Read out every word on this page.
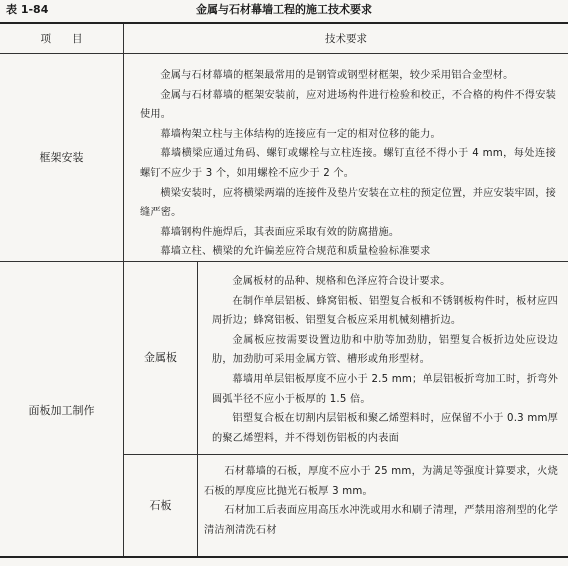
表 1-84	金属与石材幕墙工程的施工技术要求
项　　目	技术要求
框架安装

金属与石材幕墙的框架最常用的是钢管或钢型材框架，较少采用铝合金型材。

金属与石材幕墙的框架安装前，应对进场构件进行检验和校正，不合格的构件不得安装使用。

幕墙构架立柱与主体结构的连接应有一定的相对位移的能力。

幕墙横梁应通过角码、螺钉或螺栓与立柱连接。螺钉直径不得小于 4 mm，每处连接螺钉不应少于 3 个，如用螺栓不应少于 2 个。

横梁安装时，应将横梁两端的连接件及垫片安装在立柱的预定位置，并应安装牢固，接缝严密。

幕墙钢构件施焊后，其表面应采取有效的防腐措施。

幕墙立柱、横梁的允许偏差应符合规范和质量检验标准要求

面板加工制作
金属板

金属板材的品种、规格和色泽应符合设计要求。

在制作单层铝板、蜂窝铝板、铝塑复合板和不锈钢板构件时，板材应四周折边；蜂窝铝板、铝塑复合板应采用机械刻槽折边。

金属板应按需要设置边肋和中肋等加劲肋，铝塑复合板折边处应设边肋，加劲肋可采用金属方管、槽形或角形型材。

幕墙用单层铝板厚度不应小于 2.5 mm；单层铝板折弯加工时，折弯外圆弧半径不应小于板厚的 1.5 倍。

铝塑复合板在切割内层铝板和聚乙烯塑料时，应保留不小于 0.3 mm厚的聚乙烯塑料，并不得划伤铝板的内表面

石板

石材幕墙的石板，厚度不应小于 25 mm，为满足等强度计算要求，火烧石板的厚度应比抛光石板厚 3 mm。

石材加工后表面应用高压水冲洗或用水和刷子清理，严禁用溶剂型的化学清洁剂清洗石材
